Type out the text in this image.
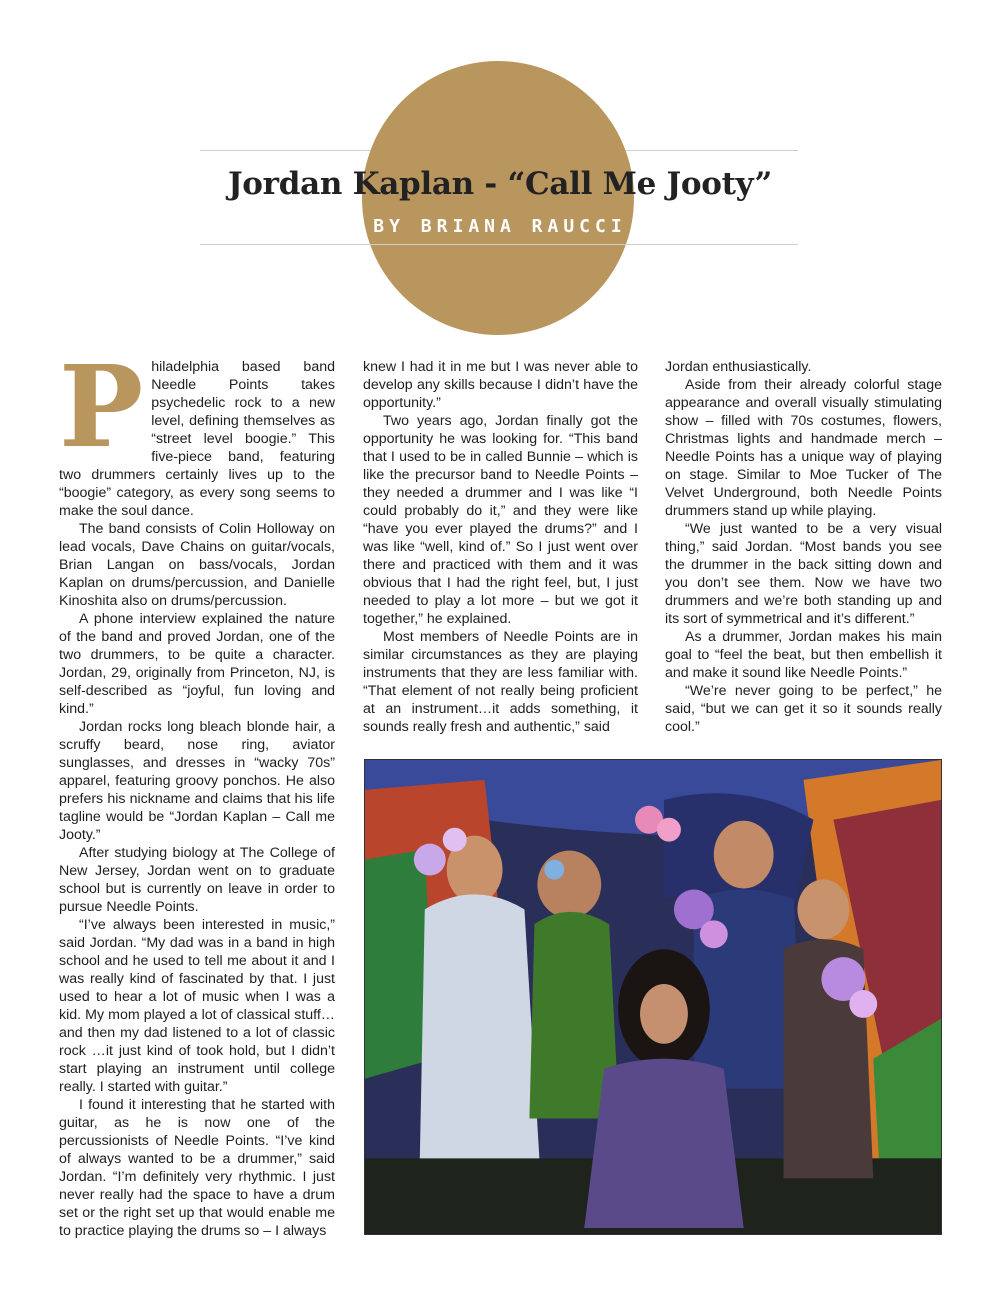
Jordan Kaplan - “Call Me Jooty”
BY BRIANA RAUCCI

Philadelphia based band Needle Points takes psychedelic rock to a new level, defining themselves as “street level boogie.” This five-piece band, featuring two drummers certainly lives up to the “boogie” category, as every song seems to make the soul dance.

The band consists of Colin Holloway on lead vocals, Dave Chains on guitar/vocals, Brian Langan on bass/vocals, Jordan Kaplan on drums/percussion, and Danielle Kinoshita also on drums/percussion.

A phone interview explained the nature of the band and proved Jordan, one of the two drummers, to be quite a character. Jordan, 29, originally from Princeton, NJ, is self-described as “joyful, fun loving and kind.”

Jordan rocks long bleach blonde hair, a scruffy beard, nose ring, aviator sunglasses, and dresses in “wacky 70s” apparel, featuring groovy ponchos. He also prefers his nickname and claims that his life tagline would be “Jordan Kaplan – Call me Jooty.”

After studying biology at The College of New Jersey, Jordan went on to graduate school but is currently on leave in order to pursue Needle Points.

“I’ve always been interested in music,” said Jordan. “My dad was in a band in high school and he used to tell me about it and I was really kind of fascinated by that. I just used to hear a lot of music when I was a kid. My mom played a lot of classical stuff…and then my dad listened to a lot of classic rock …it just kind of took hold, but I didn’t start playing an instrument until college really. I started with guitar.”

I found it interesting that he started with guitar, as he is now one of the percussionists of Needle Points. “I’ve kind of always wanted to be a drummer,” said Jordan. “I’m definitely very rhythmic. I just never really had the space to have a drum set or the right set up that would enable me to practice playing the drums so – I always

knew I had it in me but I was never able to develop any skills because I didn’t have the opportunity.”

Two years ago, Jordan finally got the opportunity he was looking for. “This band that I used to be in called Bunnie – which is like the precursor band to Needle Points – they needed a drummer and I was like “I could probably do it,” and they were like “have you ever played the drums?” and I was like “well, kind of.” So I just went over there and practiced with them and it was obvious that I had the right feel, but, I just needed to play a lot more – but we got it together,” he explained.

Most members of Needle Points are in similar circumstances as they are playing instruments that they are less familiar with. “That element of not really being proficient at an instrument…it adds something, it sounds really fresh and authentic,” said

Jordan enthusiastically.

Aside from their already colorful stage appearance and overall visually stimulating show – filled with 70s costumes, flowers, Christmas lights and handmade merch – Needle Points has a unique way of playing on stage. Similar to Moe Tucker of The Velvet Underground, both Needle Points drummers stand up while playing.

“We just wanted to be a very visual thing,” said Jordan. “Most bands you see the drummer in the back sitting down and you don’t see them. Now we have two drummers and we’re both standing up and its sort of symmetrical and it’s different.”

As a drummer, Jordan makes his main goal to “feel the beat, but then embellish it and make it sound like Needle Points.”

“We’re never going to be perfect,” he said, “but we can get it so it sounds really cool.”
